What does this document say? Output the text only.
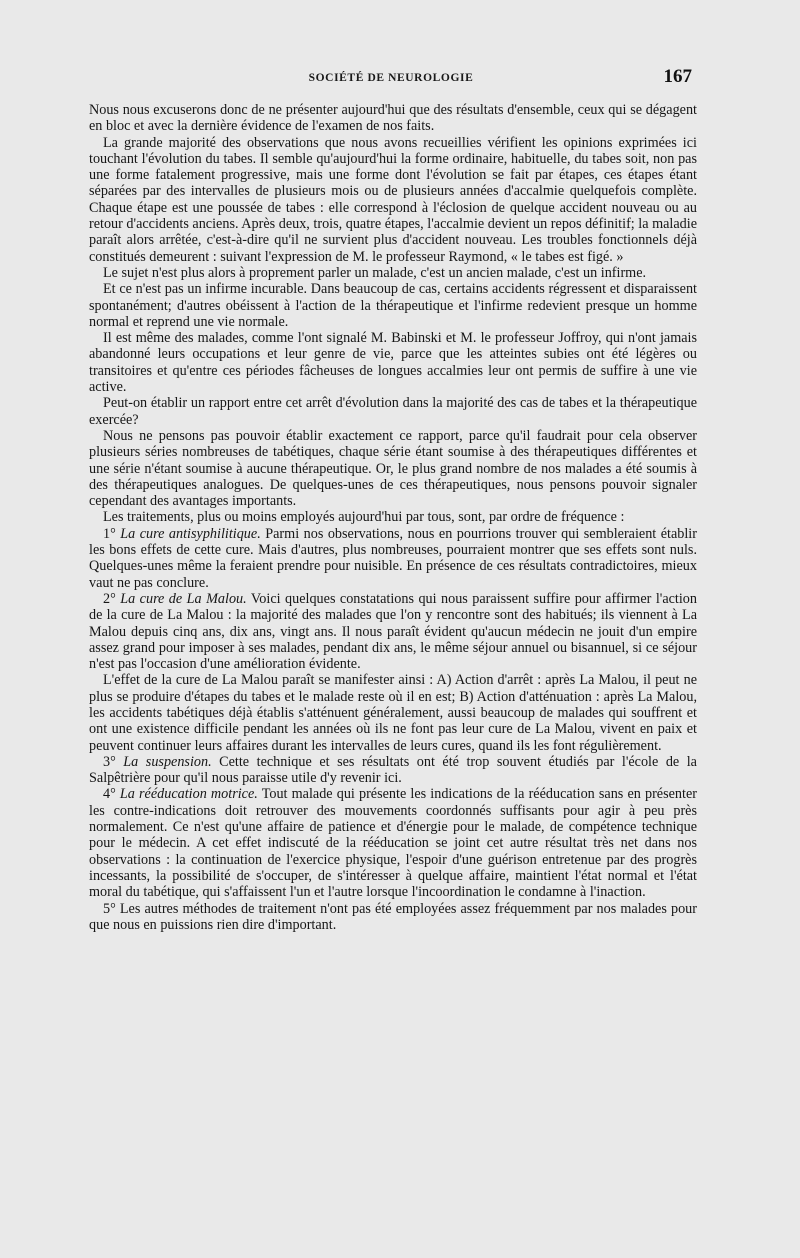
SOCIÉTÉ DE NEUROLOGIE	167

Nous nous excuserons donc de ne présenter aujourd'hui que des résultats d'ensemble, ceux qui se dégagent en bloc et avec la dernière évidence de l'examen de nos faits.

La grande majorité des observations que nous avons recueillies vérifient les opinions exprimées ici touchant l'évolution du tabes. Il semble qu'aujourd'hui la forme ordinaire, habituelle, du tabes soit, non pas une forme fatalement progressive, mais une forme dont l'évolution se fait par étapes, ces étapes étant séparées par des intervalles de plusieurs mois ou de plusieurs années d'accalmie quelquefois complète. Chaque étape est une poussée de tabes : elle correspond à l'éclosion de quelque accident nouveau ou au retour d'accidents anciens. Après deux, trois, quatre étapes, l'accalmie devient un repos définitif; la maladie paraît alors arrêtée, c'est-à-dire qu'il ne survient plus d'accident nouveau. Les troubles fonctionnels déjà constitués demeurent : suivant l'expression de M. le professeur Raymond, « le tabes est figé. »

Le sujet n'est plus alors à proprement parler un malade, c'est un ancien malade, c'est un infirme.

Et ce n'est pas un infirme incurable. Dans beaucoup de cas, certains accidents régressent et disparaissent spontanément; d'autres obéissent à l'action de la thérapeutique et l'infirme redevient presque un homme normal et reprend une vie normale.

Il est même des malades, comme l'ont signalé M. Babinski et M. le professeur Joffroy, qui n'ont jamais abandonné leurs occupations et leur genre de vie, parce que les atteintes subies ont été légères ou transitoires et qu'entre ces périodes fâcheuses de longues accalmies leur ont permis de suffire à une vie active.

Peut-on établir un rapport entre cet arrêt d'évolution dans la majorité des cas de tabes et la thérapeutique exercée?

Nous ne pensons pas pouvoir établir exactement ce rapport, parce qu'il faudrait pour cela observer plusieurs séries nombreuses de tabétiques, chaque série étant soumise à des thérapeutiques différentes et une série n'étant soumise à aucune thérapeutique. Or, le plus grand nombre de nos malades a été soumis à des thérapeutiques analogues. De quelques-unes de ces thérapeutiques, nous pensons pouvoir signaler cependant des avantages importants.

Les traitements, plus ou moins employés aujourd'hui par tous, sont, par ordre de fréquence :

1° La cure antisyphilitique. Parmi nos observations, nous en pourrions trouver qui sembleraient établir les bons effets de cette cure. Mais d'autres, plus nombreuses, pourraient montrer que ses effets sont nuls. Quelques-unes même la feraient prendre pour nuisible. En présence de ces résultats contradictoires, mieux vaut ne pas conclure.

2° La cure de La Malou. Voici quelques constatations qui nous paraissent suffire pour affirmer l'action de la cure de La Malou : la majorité des malades que l'on y rencontre sont des habitués; ils viennent à La Malou depuis cinq ans, dix ans, vingt ans. Il nous paraît évident qu'aucun médecin ne jouit d'un empire assez grand pour imposer à ses malades, pendant dix ans, le même séjour annuel ou bisannuel, si ce séjour n'est pas l'occasion d'une amélioration évidente.

L'effet de la cure de La Malou paraît se manifester ainsi : A) Action d'arrêt : après La Malou, il peut ne plus se produire d'étapes du tabes et le malade reste où il en est; B) Action d'atténuation : après La Malou, les accidents tabétiques déjà établis s'atténuent généralement, aussi beaucoup de malades qui souffrent et ont une existence difficile pendant les années où ils ne font pas leur cure de La Malou, vivent en paix et peuvent continuer leurs affaires durant les intervalles de leurs cures, quand ils les font régulièrement.

3° La suspension. Cette technique et ses résultats ont été trop souvent étudiés par l'école de la Salpêtrière pour qu'il nous paraisse utile d'y revenir ici.

4° La rééducation motrice. Tout malade qui présente les indications de la rééducation sans en présenter les contre-indications doit retrouver des mouvements coordonnés suffisants pour agir à peu près normalement. Ce n'est qu'une affaire de patience et d'énergie pour le malade, de compétence technique pour le médecin. A cet effet indiscuté de la rééducation se joint cet autre résultat très net dans nos observations : la continuation de l'exercice physique, l'espoir d'une guérison entretenue par des progrès incessants, la possibilité de s'occuper, de s'intéresser à quelque affaire, maintient l'état normal et l'état moral du tabétique, qui s'affaissent l'un et l'autre lorsque l'incoordination le condamne à l'inaction.

5° Les autres méthodes de traitement n'ont pas été employées assez fréquemment par nos malades pour que nous en puissions rien dire d'important.
